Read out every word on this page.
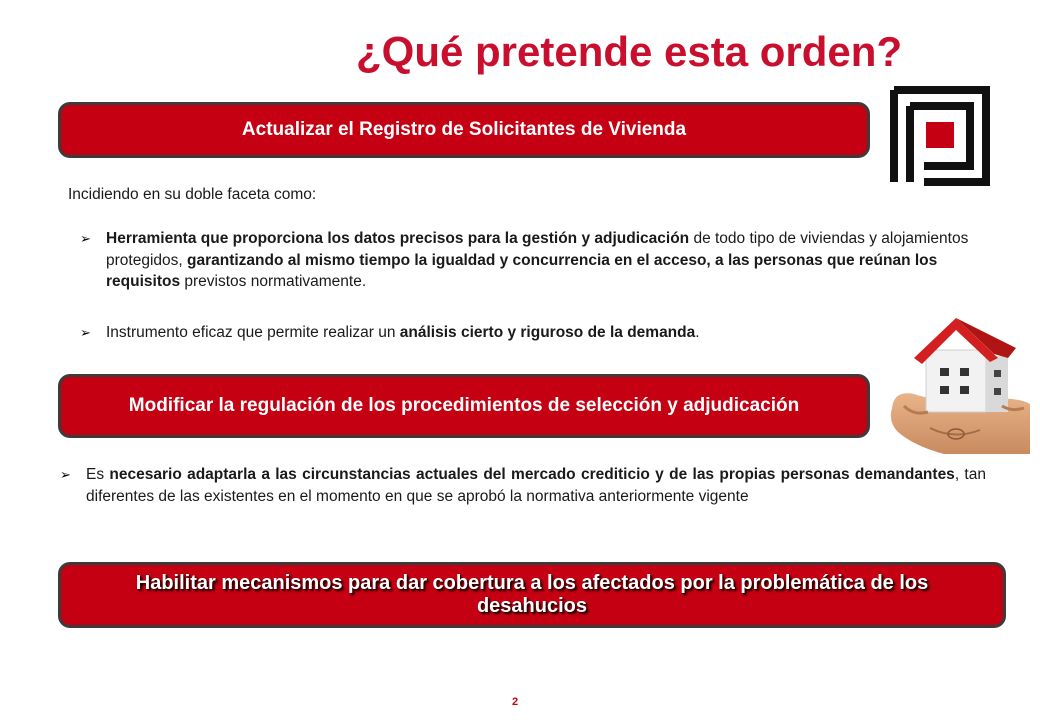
¿Qué pretende esta orden?
Actualizar el Registro de Solicitantes de Vivienda
Incidiendo en su doble faceta como:
➢ Herramienta que proporciona los datos precisos para la gestión y adjudicación de todo tipo de viviendas y alojamientos protegidos, garantizando al mismo tiempo la igualdad y concurrencia en el acceso, a las personas que reúnan los requisitos previstos normativamente.
➢ Instrumento eficaz que permite realizar un análisis cierto y riguroso de la demanda.
Modificar la regulación de los procedimientos de selección y adjudicación
➢ Es necesario adaptarla a las circunstancias actuales del mercado crediticio y de las propias personas demandantes, tan diferentes de las existentes en el momento en que se aprobó la normativa anteriormente vigente
Habilitar mecanismos para dar cobertura a los afectados por la problemática de los desahucios
2
